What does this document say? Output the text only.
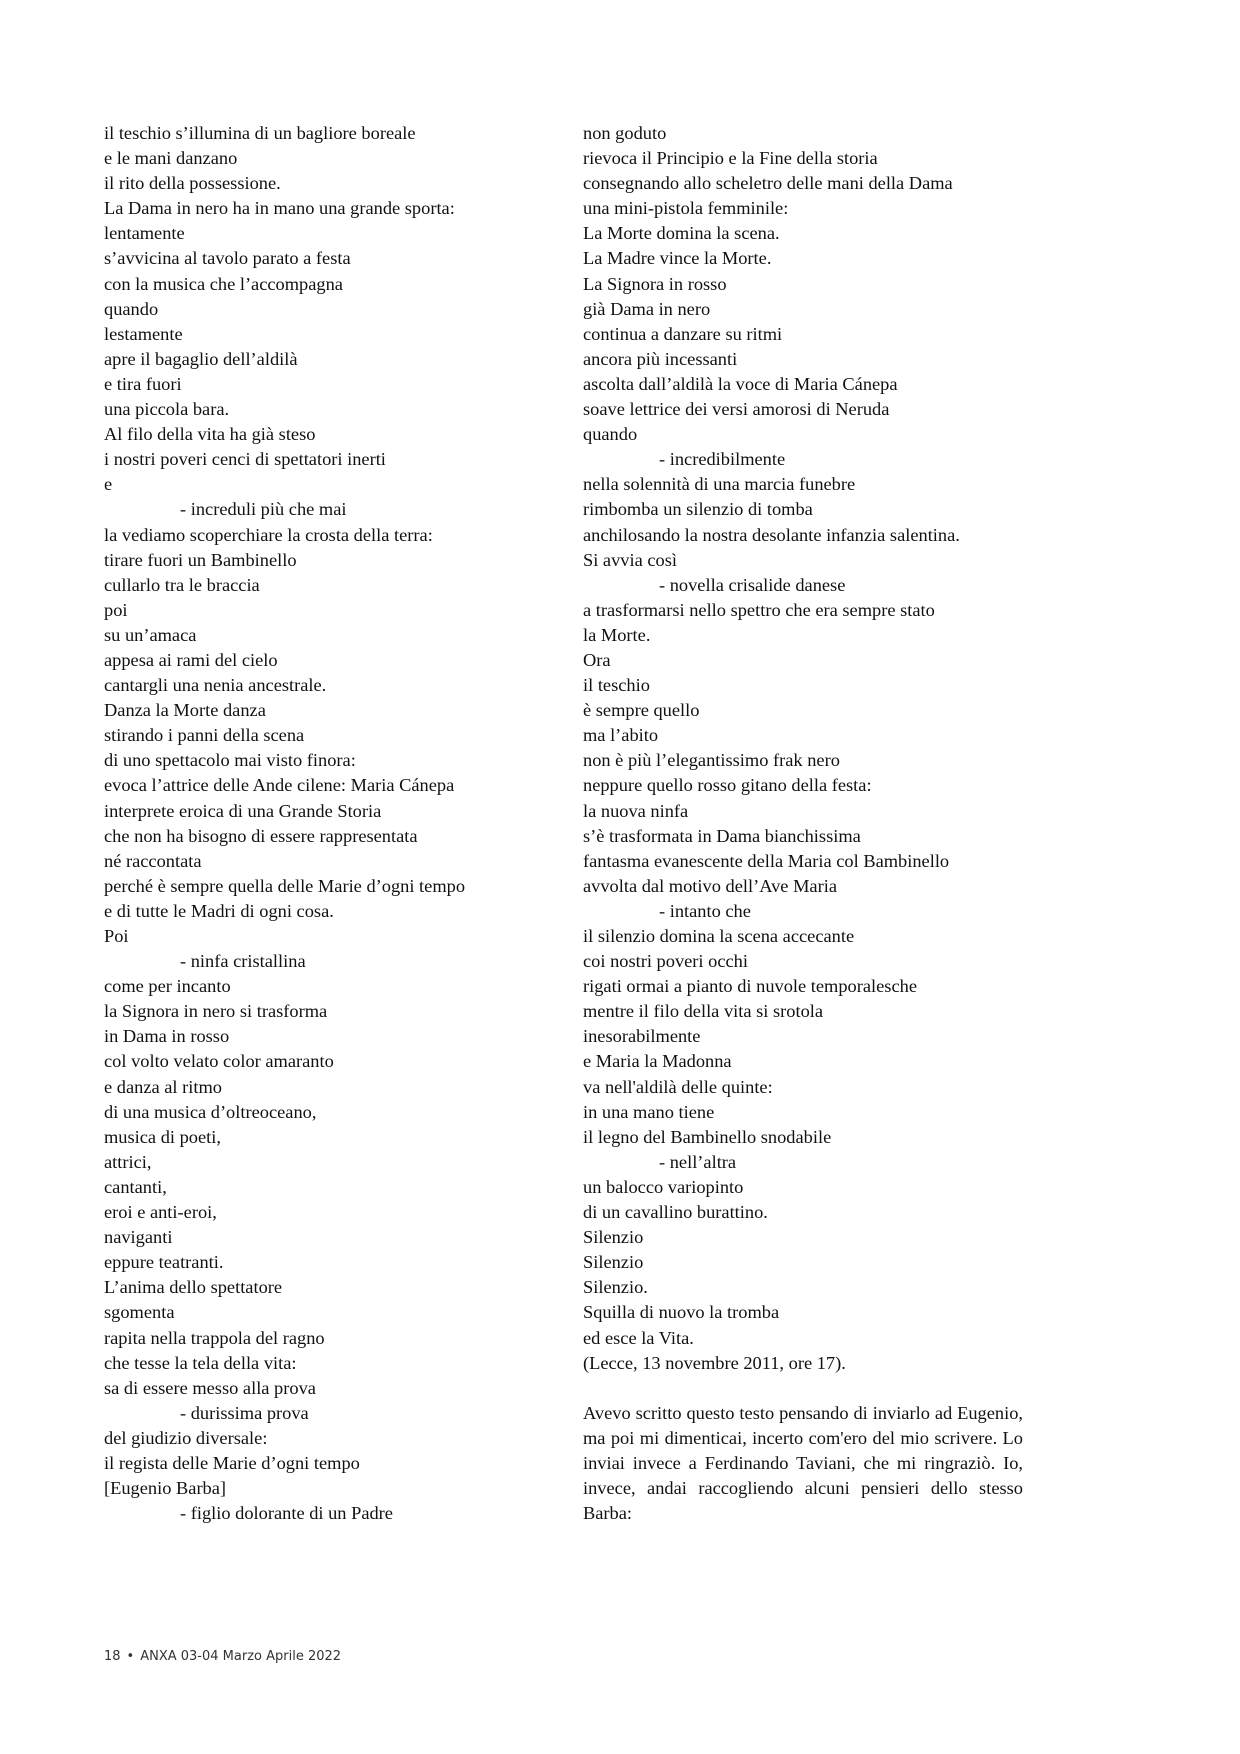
il teschio s’illumina di un bagliore boreale
e le mani danzano
il rito della possessione.
La Dama in nero ha in mano una grande sporta:
lentamente
s’avvicina al tavolo parato a festa
con la musica che l’accompagna
quando
lestamente
apre il bagaglio dell’aldilà
e tira fuori
una piccola bara.
Al filo della vita ha già steso
i nostri poveri cenci di spettatori inerti
e
- increduli più che mai
la vediamo scoperchiare la crosta della terra:
tirare fuori un Bambinello
cullarlo tra le braccia
poi
su un’amaca
appesa ai rami del cielo
cantargli una nenia ancestrale.
Danza la Morte danza
stirando i panni della scena
di uno spettacolo mai visto finora:
evoca l’attrice delle Ande cilene: Maria Cánepa
interprete eroica di una Grande Storia
che non ha bisogno di essere rappresentata
né raccontata
perché è sempre quella delle Marie d’ogni tempo
e di tutte le Madri di ogni cosa.
Poi
- ninfa cristallina
come per incanto
la Signora in nero si trasforma
in Dama in rosso
col volto velato color amaranto
e danza al ritmo
di una musica d’oltreoceano,
musica di poeti,
attrici,
cantanti,
eroi e anti-eroi,
naviganti
eppure teatranti.
L’anima dello spettatore
sgomenta
rapita nella trappola del ragno
che tesse la tela della vita:
sa di essere messo alla prova
- durissima prova
del giudizio diversale:
il regista delle Marie d’ogni tempo
[Eugenio Barba]
- figlio dolorante di un Padre
non goduto
rievoca il Principio e la Fine della storia
consegnando allo scheletro delle mani della Dama
una mini-pistola femminile:
La Morte domina la scena.
La Madre vince la Morte.
La Signora in rosso
già Dama in nero
continua a danzare su ritmi
ancora più incessanti
ascolta dall’aldilà la voce di Maria Cánepa
soave lettrice dei versi amorosi di Neruda
quando
- incredibilmente
nella solennità di una marcia funebre
rimbomba un silenzio di tomba
anchilosando la nostra desolante infanzia salentina.
Si avvia così
- novella crisalide danese
a trasformarsi nello spettro che era sempre stato
la Morte.
Ora
il teschio
è sempre quello
ma l’abito
non è più l’elegantissimo frak nero
neppure quello rosso gitano della festa:
la nuova ninfa
s’è trasformata in Dama bianchissima
fantasma evanescente della Maria col Bambinello
avvolta dal motivo dell’Ave Maria
- intanto che
il silenzio domina la scena accecante
coi nostri poveri occhi
rigati ormai a pianto di nuvole temporalesche
mentre il filo della vita si srotola
inesorabilmente
e Maria la Madonna
va nell'aldilà delle quinte:
in una mano tiene
il legno del Bambinello snodabile
- nell’altra
un balocco variopinto
di un cavallino burattino.
Silenzio
Silenzio
Silenzio.
Squilla di nuovo la tromba
ed esce la Vita.
(Lecce, 13 novembre 2011, ore 17).

Avevo scritto questo testo pensando di inviarlo ad Eugenio, ma poi mi dimenticai, incerto com'ero del mio scrivere. Lo inviai invece a Ferdinando Taviani, che mi ringraziò. Io, invece, andai raccogliendo alcuni pensieri dello stesso Barba:

18 • ANXA 03-04 Marzo Aprile 2022
